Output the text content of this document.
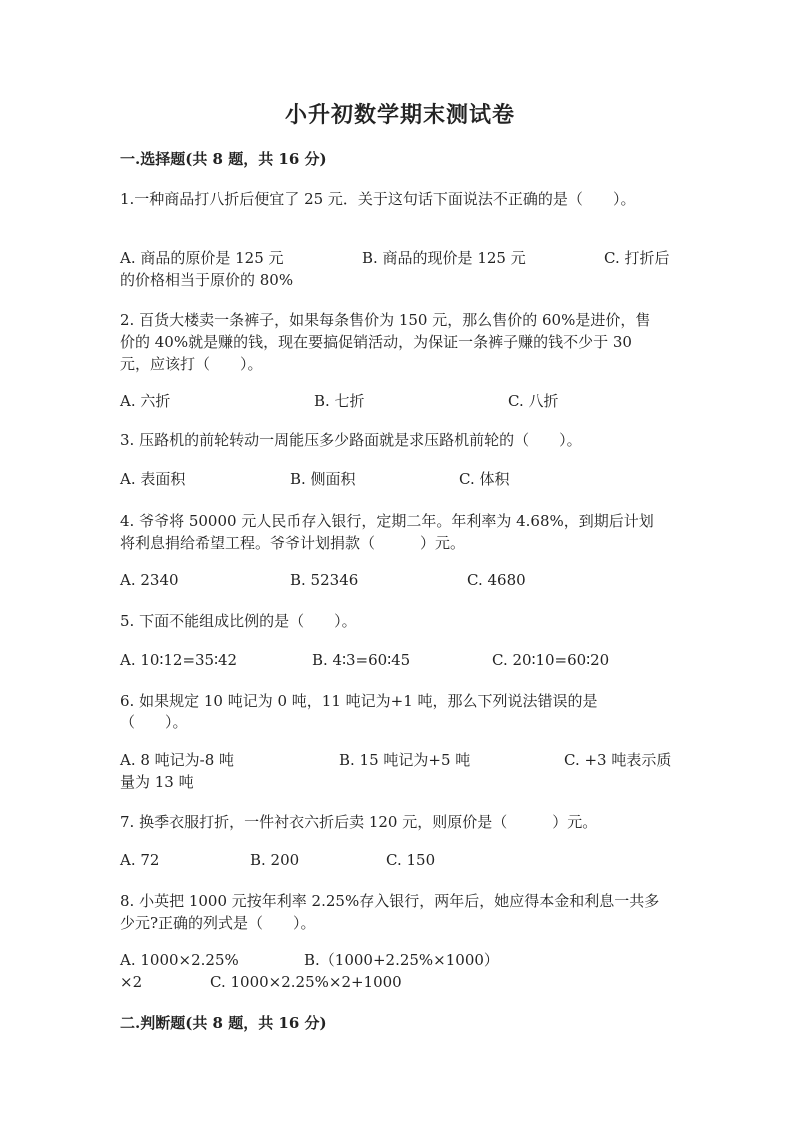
小升初数学期末测试卷
一.选择题(共 8 题，共 16 分)
1.一种商品打八折后便宜了 25 元．关于这句话下面说法不正确的是（　　）。
A. 商品的原价是 125 元	B. 商品的现价是 125 元	C. 打折后
的价格相当于原价的 80%
2. 百货大楼卖一条裤子，如果每条售价为 150 元，那么售价的 60%是进价，售
价的 40%就是赚的钱，现在要搞促销活动，为保证一条裤子赚的钱不少于 30
元，应该打（　　）。
A. 六折	B. 七折	C. 八折
3. 压路机的前轮转动一周能压多少路面就是求压路机前轮的（　　）。
A. 表面积	B. 侧面积	C. 体积
4. 爷爷将 50000 元人民币存入银行，定期二年。年利率为 4.68%，到期后计划
将利息捐给希望工程。爷爷计划捐款（　　　）元。
A. 2340	B. 52346	C. 4680
5. 下面不能组成比例的是（　　）。
A. 10∶12=35∶42	B. 4∶3=60∶45	C. 20∶10=60∶20
6. 如果规定 10 吨记为 0 吨，11 吨记为+1 吨，那么下列说法错误的是
（　　）。
A. 8 吨记为-8 吨	B. 15 吨记为+5 吨	C. +3 吨表示质
量为 13 吨
7. 换季衣服打折，一件衬衣六折后卖 120 元，则原价是（　　　）元。
A. 72	B. 200	C. 150
8. 小英把 1000 元按年利率 2.25%存入银行，两年后，她应得本金和利息一共多
少元?正确的列式是（　　）。
A. 1000×2.25%	B.（1000+2.25%×1000）
×2	C. 1000×2.25%×2+1000
二.判断题(共 8 题，共 16 分)
